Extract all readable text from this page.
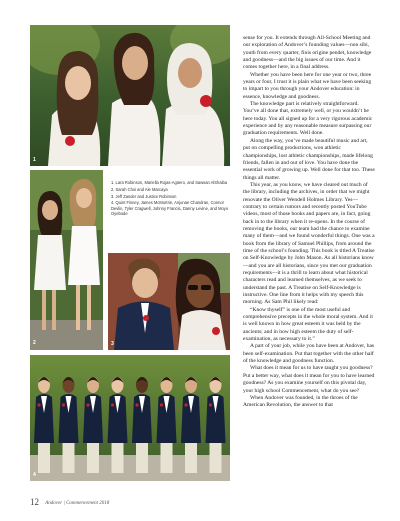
1
2

1. Lara Robinson, Mariella Rojas-Agüero, and Sawsan AlShaiba

2. Sarah Choi and Ale Marcaya

3. Jeff Zander and Justice Robinson

4. Quint Finney, James McMurtrie, Anjunae Chandran, Connor Devlin, Tyler Cragwell, Johnny Francis, Danny Levine, and Moyo Oyebode

3
4

sense for you. It extends through All-School Meeting and our exploration of Andover’s founding values—non sibi, youth from every quarter, finis origine pendet, knowledge and goodness—and the big issues of our time. And it comes together here, in a final address.

Whether you have been here for one year or two, three years or four, I trust it is plain what we have been seeking to impart to you through your Andover education: in essence, knowledge and goodness.

The knowledge part is relatively straightforward. You’ve all done that, extremely well, or you wouldn’t be here today. You all signed up for a very rigorous academic experience and by any reasonable measure surpassing our graduation requirements. Well done.

Along the way, you’ve made beautiful music and art, put on compelling productions, won athletic championships, lost athletic championships, made lifelong friends, fallen in and out of love. You have done the essential work of growing up. Well done for that too. These things all matter.

This year, as you know, we have cleared out much of the library, including the archives, in order that we might renovate the Oliver Wendell Holmes Library. Yes—contrary to certain rumors and recently posted YouTube videos, most of those books and papers are, in fact, going back in to the library when it re-opens. In the course of removing the books, our team had the chance to examine many of them—and we found wonderful things. One was a book from the library of Samuel Phillips, from around the time of the school’s founding. This book is titled A Treatise on Self-Knowledge by John Mason. As all historians know—and you are all historians, since you met our graduation requirements—it is a thrill to learn about what historical characters read and learned themselves, as we seek to understand the past. A Treatise on Self-Knowledge is instructive. One line from it helps with my speech this morning. As Sam Phil likely read:

“Know thyself” is one of the most useful and comprehensive precepts in the whole moral system. And it is well known in how great esteem it was held by the ancients; and in how high esteem the duty of self-examination, as necessary to it.”

A part of your job, while you have been at Andover, has been self-examination. Put that together with the other half of the knowledge and goodness function.

What does it mean for us to have taught you goodness? Put a better way, what does it mean for you to have learned goodness? As you examine yourself on this pivotal day, your high school Commencement, what do you see?

When Andover was founded, in the throes of the American Revolution, the answer to that

12 Andover | Commencement 2018
